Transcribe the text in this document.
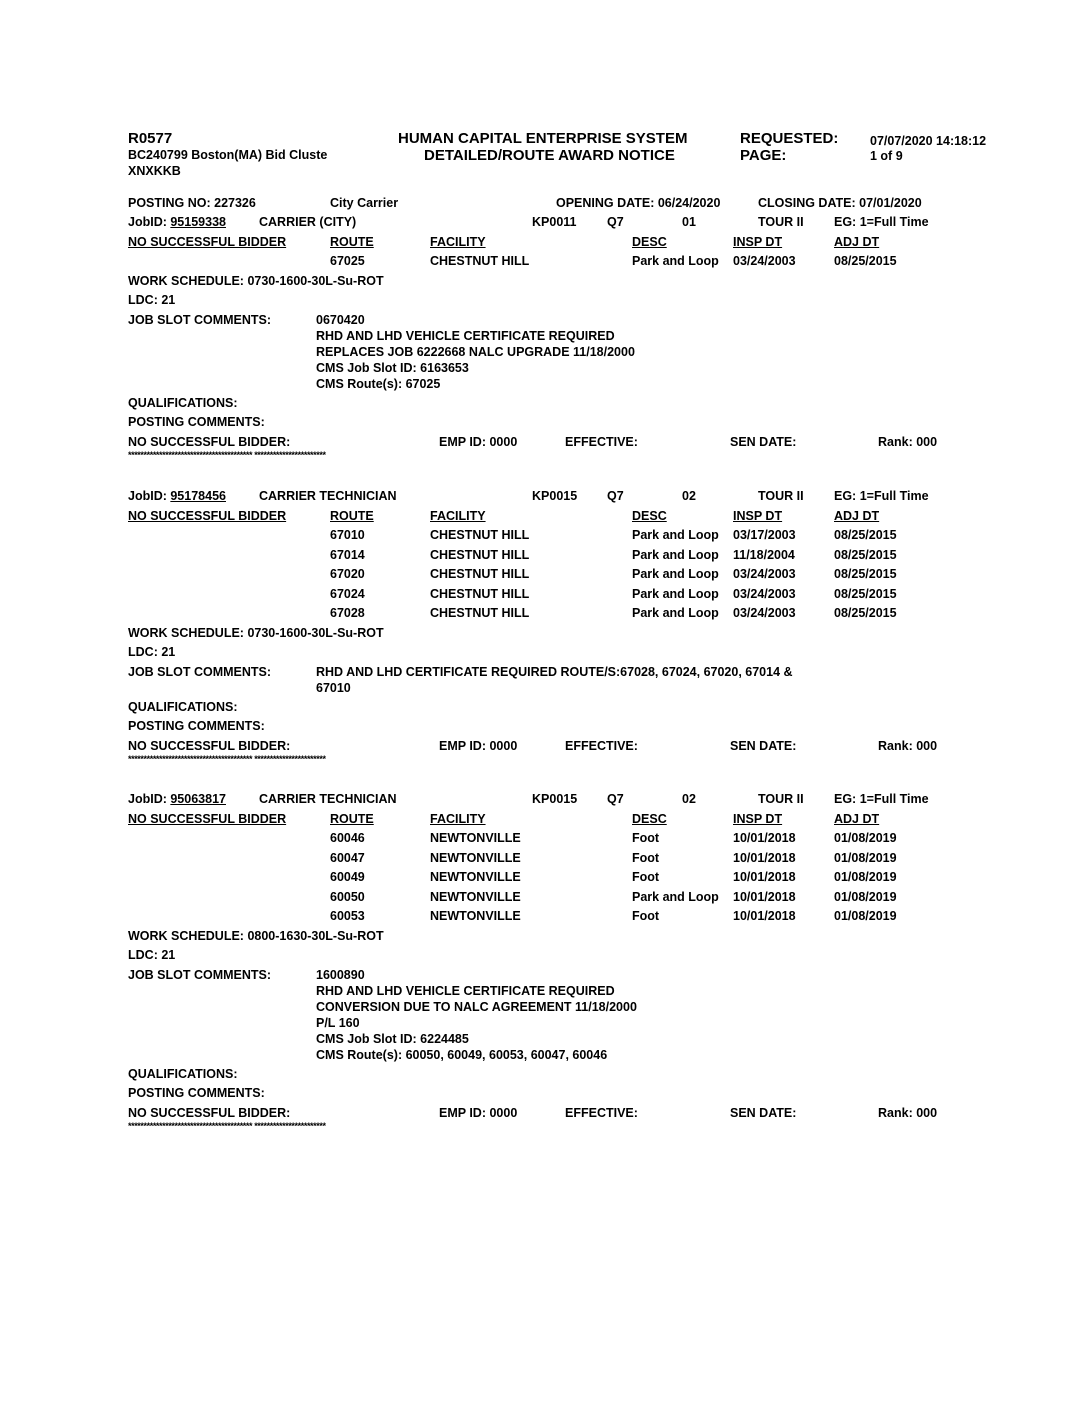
R0577
BC240799 Boston(MA) Bid Cluste
XNXKKB
HUMAN CAPITAL ENTERPRISE SYSTEM
DETAILED/ROUTE AWARD NOTICE
REQUESTED:
PAGE:
07/07/2020 14:18:12
1 of 9
POSTING NO: 227326	City Carrier	OPENING DATE: 06/24/2020	CLOSING DATE: 07/01/2020
JobID: 95159338	CARRIER (CITY)	KP0011 Q7	01	TOUR II EG: 1=Full Time
NO SUCCESSFUL BIDDER	ROUTE	FACILITY	DESC	INSP DT	ADJ DT
67025	CHESTNUT HILL	Park and Loop 03/24/2003	08/25/2015
WORK SCHEDULE: 0730-1600-30L-Su-ROT
LDC: 21
JOB SLOT COMMENTS:	0670420
RHD AND LHD VEHICLE CERTIFICATE REQUIRED
REPLACES JOB 6222668 NALC UPGRADE 11/18/2000
CMS Job Slot ID: 6163653
CMS Route(s): 67025
QUALIFICATIONS:
POSTING COMMENTS:
NO SUCCESSFUL BIDDER:	EMP ID: 0000	EFFECTIVE:	SEN DATE:	Rank: 000
**************************************** ***********************
JobID: 95178456	CARRIER TECHNICIAN	KP0015 Q7	02	TOUR II EG: 1=Full Time
NO SUCCESSFUL BIDDER	ROUTE	FACILITY	DESC	INSP DT	ADJ DT
67010	CHESTNUT HILL	Park and Loop 03/17/2003	08/25/2015
67014	CHESTNUT HILL	Park and Loop 11/18/2004	08/25/2015
67020	CHESTNUT HILL	Park and Loop 03/24/2003	08/25/2015
67024	CHESTNUT HILL	Park and Loop 03/24/2003	08/25/2015
67028	CHESTNUT HILL	Park and Loop 03/24/2003	08/25/2015
WORK SCHEDULE: 0730-1600-30L-Su-ROT
LDC: 21
JOB SLOT COMMENTS:	RHD AND LHD CERTIFICATE REQUIRED ROUTE/S:67028, 67024, 67020, 67014 &
67010
QUALIFICATIONS:
POSTING COMMENTS:
NO SUCCESSFUL BIDDER:	EMP ID: 0000	EFFECTIVE:	SEN DATE:	Rank: 000
**************************************** ***********************
JobID: 95063817	CARRIER TECHNICIAN	KP0015 Q7	02	TOUR II EG: 1=Full Time
NO SUCCESSFUL BIDDER	ROUTE	FACILITY	DESC	INSP DT	ADJ DT
60046	NEWTONVILLE	Foot	10/01/2018	01/08/2019
60047	NEWTONVILLE	Foot	10/01/2018	01/08/2019
60049	NEWTONVILLE	Foot	10/01/2018	01/08/2019
60050	NEWTONVILLE	Park and Loop 10/01/2018	01/08/2019
60053	NEWTONVILLE	Foot	10/01/2018	01/08/2019
WORK SCHEDULE: 0800-1630-30L-Su-ROT
LDC: 21
JOB SLOT COMMENTS:	1600890
RHD AND LHD VEHICLE CERTIFICATE REQUIRED
CONVERSION DUE TO NALC AGREEMENT 11/18/2000
P/L 160
CMS Job Slot ID: 6224485
CMS Route(s): 60050, 60049, 60053, 60047, 60046
QUALIFICATIONS:
POSTING COMMENTS:
NO SUCCESSFUL BIDDER:	EMP ID: 0000	EFFECTIVE:	SEN DATE:	Rank: 000
**************************************** ***********************
